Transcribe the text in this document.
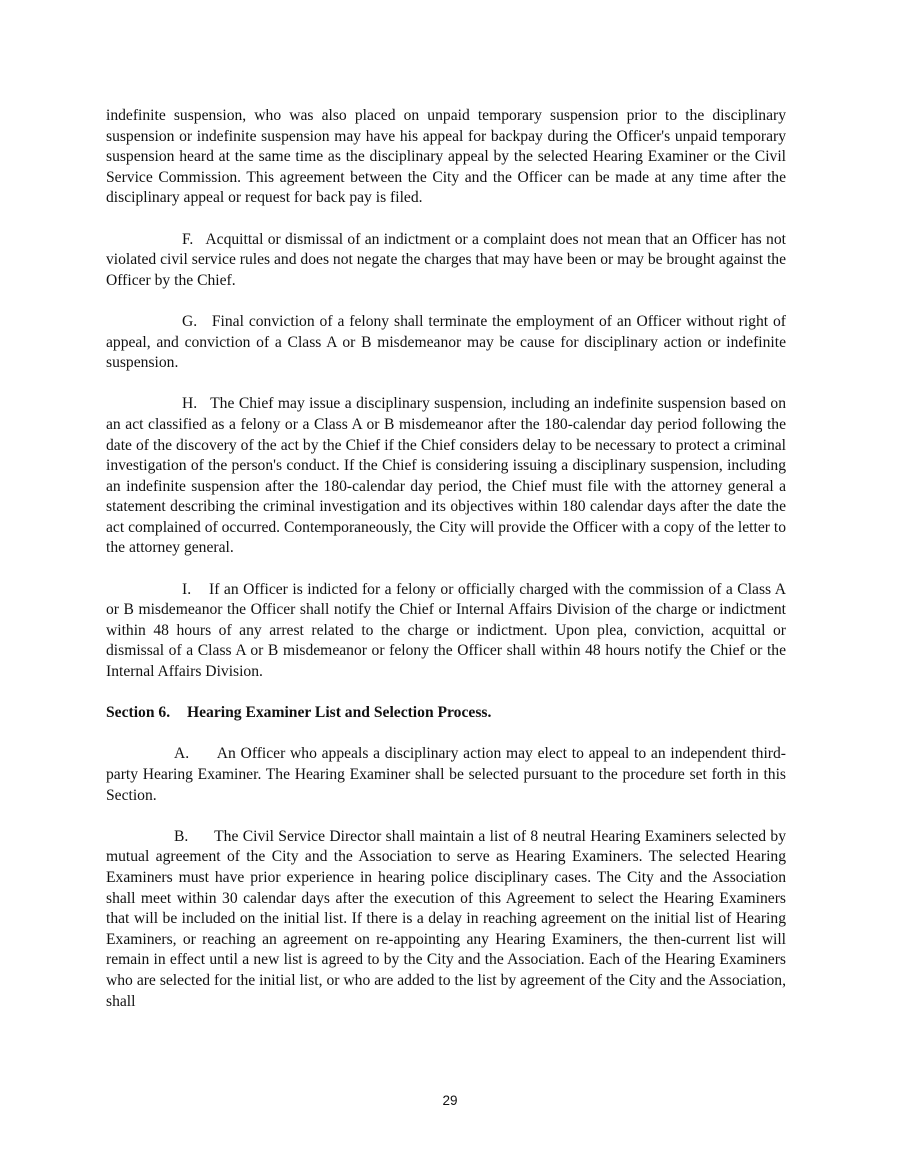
indefinite suspension, who was also placed on unpaid temporary suspension prior to the disciplinary suspension or indefinite suspension may have his appeal for backpay during the Officer's unpaid temporary suspension heard at the same time as the disciplinary appeal by the selected Hearing Examiner or the Civil Service Commission. This agreement between the City and the Officer can be made at any time after the disciplinary appeal or request for back pay is filed.

F.   Acquittal or dismissal of an indictment or a complaint does not mean that an Officer has not violated civil service rules and does not negate the charges that may have been or may be brought against the Officer by the Chief.

G.   Final conviction of a felony shall terminate the employment of an Officer without right of appeal, and conviction of a Class A or B misdemeanor may be cause for disciplinary action or indefinite suspension.

H.   The Chief may issue a disciplinary suspension, including an indefinite suspension based on an act classified as a felony or a Class A or B misdemeanor after the 180-calendar day period following the date of the discovery of the act by the Chief if the Chief considers delay to be necessary to protect a criminal investigation of the person's conduct. If the Chief is considering issuing a disciplinary suspension, including an indefinite suspension after the 180-calendar day period, the Chief must file with the attorney general a statement describing the criminal investigation and its objectives within 180 calendar days after the date the act complained of occurred. Contemporaneously, the City will provide the Officer with a copy of the letter to the attorney general.

I.    If an Officer is indicted for a felony or officially charged with the commission of a Class A or B misdemeanor the Officer shall notify the Chief or Internal Affairs Division of the charge or indictment within 48 hours of any arrest related to the charge or indictment. Upon plea, conviction, acquittal or dismissal of a Class A or B misdemeanor or felony the Officer shall within 48 hours notify the Chief or the Internal Affairs Division.

Section 6. Hearing Examiner List and Selection Process.

A.      An Officer who appeals a disciplinary action may elect to appeal to an independent third- party Hearing Examiner. The Hearing Examiner shall be selected pursuant to the procedure set forth in this Section.

B.      The Civil Service Director shall maintain a list of 8 neutral Hearing Examiners selected by mutual agreement of the City and the Association to serve as Hearing Examiners. The selected Hearing Examiners must have prior experience in hearing police disciplinary cases. The City and the Association shall meet within 30 calendar days after the execution of this Agreement to select the Hearing Examiners that will be included on the initial list. If there is a delay in reaching agreement on the initial list of Hearing Examiners, or reaching an agreement on re-appointing any Hearing Examiners, the then-current list will remain in effect until a new list is agreed to by the City and the Association. Each of the Hearing Examiners who are selected for the initial list, or who are added to the list by agreement of the City and the Association, shall

29
